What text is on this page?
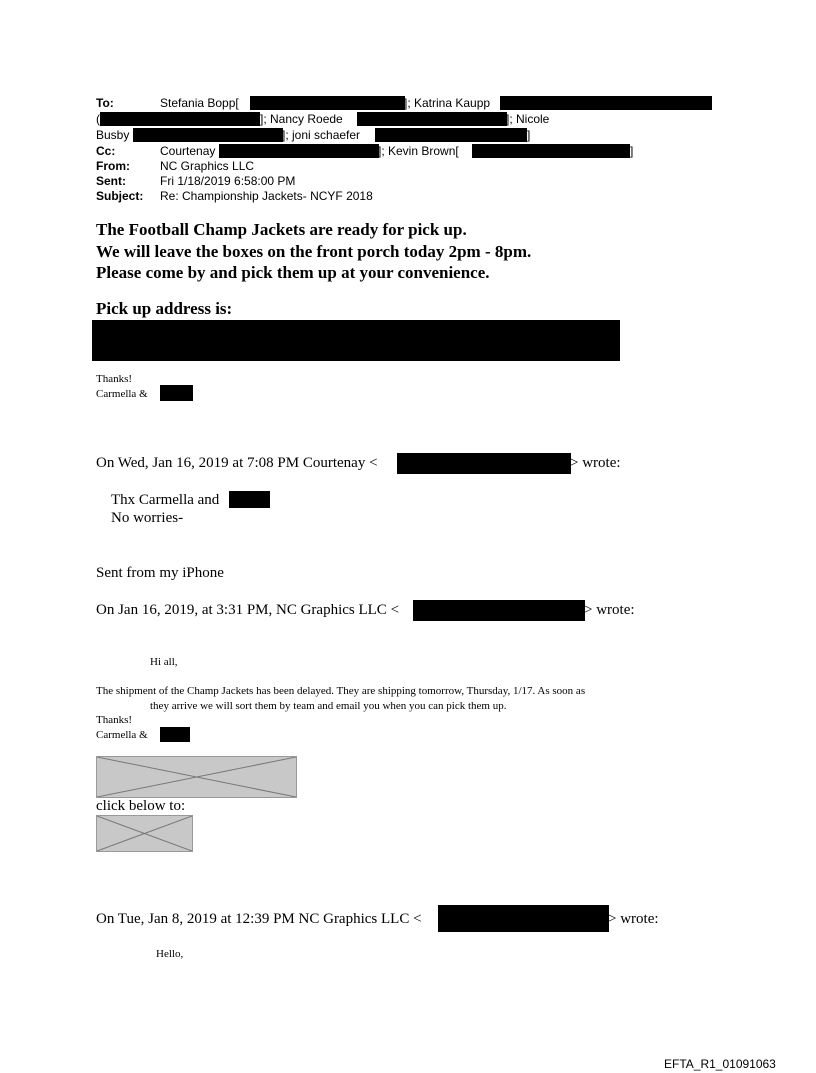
To:	Stefania Bopp[	]; Katrina Kaupp
(	]; Nancy Roede	]; Nicole
Busby	]; joni schaefer	]
Cc:	Courtenay	]; Kevin Brown[	]
From:	NC Graphics LLC
Sent:	Fri 1/18/2019 6:58:00 PM
Subject: Re: Championship Jackets- NCYF 2018
The Football Champ Jackets are ready for pick up.
We will leave the boxes on the front porch today 2pm - 8pm.
Please come by and pick them up at your convenience.
Pick up address is:
Thanks!
Carmella &
On Wed, Jan 16, 2019 at 7:08 PM Courtenay <	> wrote:
Thx Carmella and
No worries-
Sent from my iPhone
On Jan 16, 2019, at 3:31 PM, NC Graphics LLC <	> wrote:
Hi all,
The shipment of the Champ Jackets has been delayed. They are shipping tomorrow, Thursday, 1/17. As soon as
they arrive we will sort them by team and email you when you can pick them up.
Thanks!
Carmella &
click below to:
On Tue, Jan 8, 2019 at 12:39 PM NC Graphics LLC <	> wrote:
Hello,
EFTA_R1_01091063
